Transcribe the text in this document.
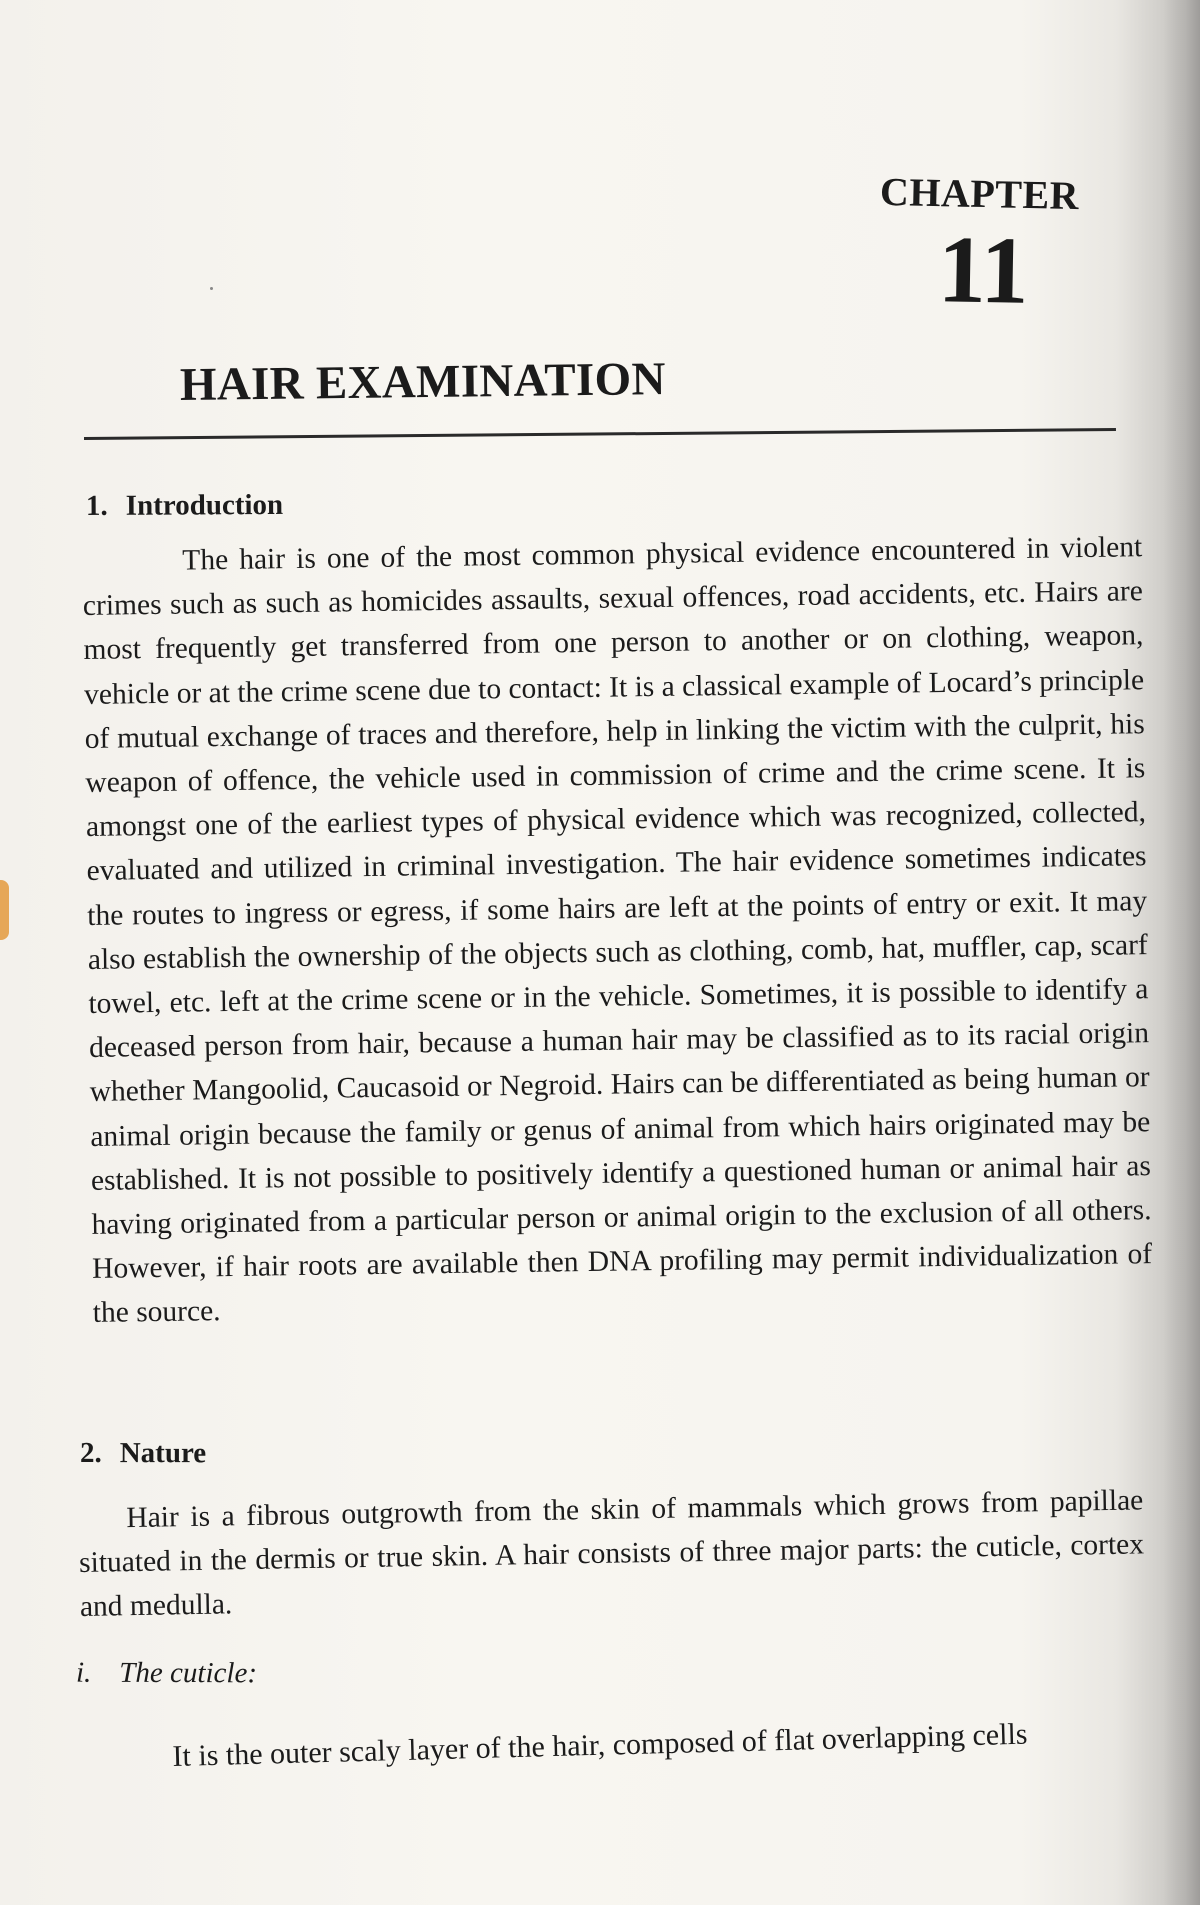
CHAPTER
11
HAIR EXAMINATION
1. Introduction

The hair is one of the most common physical evidence encountered in violent crimes such as such as homicides assaults, sexual offences, road accidents, etc. Hairs are most frequently get transferred from one person to another or on clothing, weapon, vehicle or at the crime scene due to contact: It is a classical example of Locard’s principle of mutual exchange of traces and therefore, help in linking the victim with the culprit, his weapon of offence, the vehicle used in commission of crime and the crime scene. It is amongst one of the earliest types of physical evidence which was recognized, collected, evaluated and utilized in criminal investigation. The hair evidence sometimes indicates the routes to ingress or egress, if some hairs are left at the points of entry or exit. It may also establish the ownership of the objects such as clothing, comb, hat, muffler, cap, scarf towel, etc. left at the crime scene or in the vehicle. Sometimes, it is possible to identify a deceased person from hair, because a human hair may be classified as to its racial origin whether Mangoolid, Caucasoid or Negroid. Hairs can be differentiated as being human or animal origin because the family or genus of animal from which hairs originated may be established. It is not possible to positively identify a questioned human or animal hair as having originated from a particular person or animal origin to the exclusion of all others. However, if hair roots are available then DNA profiling may permit individualization of the source.

2. Nature

Hair is a fibrous outgrowth from the skin of mammals which grows from papillae situated in the dermis or true skin. A hair consists of three major parts: the cuticle, cortex and medulla.

i. The cuticle:

It is the outer scaly layer of the hair, composed of flat overlapping cells
